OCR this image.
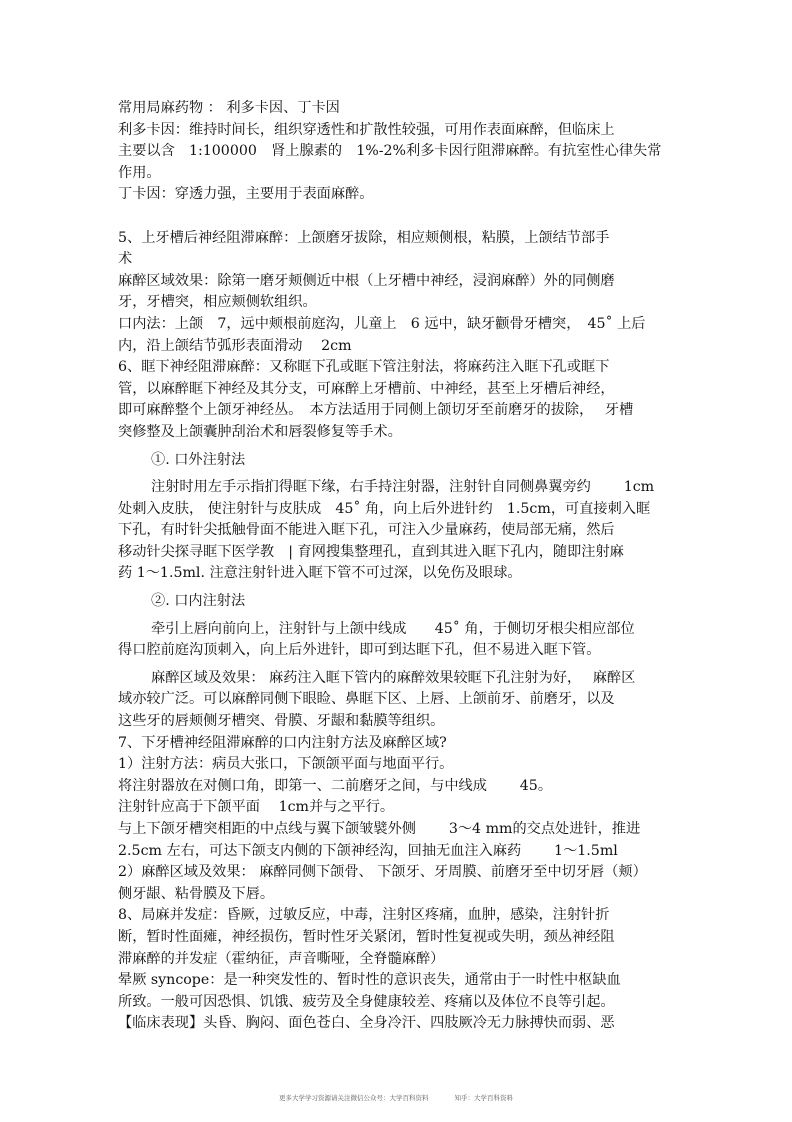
常用局麻药物 ： 利多卡因、丁卡因
利多卡因：维持时间长，组织穿透性和扩散性较强，可用作表面麻醉，但临床上
主要以含　1:100000　肾上腺素的　1%-2%利多卡因行阻滞麻醉。有抗室性心律失常
作用。
丁卡因：穿透力强，主要用于表面麻醉。
5、上牙槽后神经阻滞麻醉：上颌磨牙拔除，相应颊侧根，粘膜，上颌结节部手
术
麻醉区域效果：除第一磨牙颊侧近中根（上牙槽中神经，浸润麻醉）外的同侧磨
牙，牙槽突，相应颊侧软组织。
口内法：上颌　7，远中颊根前庭沟，儿童上　6 远中，缺牙颧骨牙槽突，　45˚ 上后
内，沿上颌结节弧形表面滑动　 2cm
6、眶下神经阻滞麻醉：又称眶下孔或眶下管注射法，将麻药注入眶下孔或眶下
管，以麻醉眶下神经及其分支，可麻醉上牙槽前、中神经，甚至上牙槽后神经，
即可麻醉整个上颌牙神经丛。　本方法适用于同侧上颌切牙至前磨牙的拔除，　 牙槽
突修整及上颌囊肿刮治术和唇裂修复等手术。
①. 口外注射法
注射时用左手示指扪得眶下缘，右手持注射器，注射针自同侧鼻翼旁约　　 1cm
处刺入皮肤， 使注射针与皮肤成　45˚ 角，向上后外进针约　1.5cm，可直接刺入眶
下孔，有时针尖抵触骨面不能进入眶下孔，可注入少量麻药，使局部无痛，然后
移动针尖探寻眶下医学教　| 育网搜集整理孔，直到其进入眶下孔内，随即注射麻
药 1～1.5ml. 注意注射针进入眶下管不可过深，以免伤及眼球。
②. 口内注射法
牵引上唇向前向上，注射针与上颌中线成　　45˚ 角，于侧切牙根尖相应部位
得口腔前庭沟顶刺入，向上后外进针，即可到达眶下孔，但不易进入眶下管。
麻醉区域及效果： 麻药注入眶下管内的麻醉效果较眶下孔注射为好，　 麻醉区
域亦较广泛。可以麻醉同侧下眼睑、鼻眶下区、上唇、上颌前牙、前磨牙，以及
这些牙的唇颊侧牙槽突、骨膜、牙龈和黏膜等组织。
7、下牙槽神经阻滞麻醉的口内注射方法及麻醉区域?
1）注射方法：病员大张口，下颌颌平面与地面平行。
将注射器放在对侧口角，即第一、二前磨牙之间，与中线成　　 45。
注射针应高于下颌平面　 1cm并与之平行。
与上下颌牙槽突相距的中点线与翼下颌皱襞外侧　　 3～4 mm的交点处进针，推进
2.5cm 左右，可达下颌支内侧的下颌神经沟，回抽无血注入麻药　　 1～1.5ml
2）麻醉区域及效果： 麻醉同侧下颌骨、 下颌牙、牙周膜、前磨牙至中切牙唇（颊）
侧牙龈、粘骨膜及下唇。
8、局麻并发症：昏厥，过敏反应，中毒，注射区疼痛，血肿，感染，注射针折
断，暂时性面瘫，神经损伤，暂时性牙关紧闭，暂时性复视或失明，颈丛神经阻
滞麻醉的并发症（霍纳征，声音嘶哑，全脊髓麻醉）
晕厥 syncope：是一种突发性的、暂时性的意识丧失，通常由于一时性中枢缺血
所致。一般可因恐惧、饥饿、疲劳及全身健康较差、疼痛以及体位不良等引起。
【临床表现】头昏、胸闷、面色苍白、全身冷汗、四肢厥冷无力脉搏快而弱、恶
更多大学学习资源请关注微信公众号：大学百科资料	知乎：大学百科资料
